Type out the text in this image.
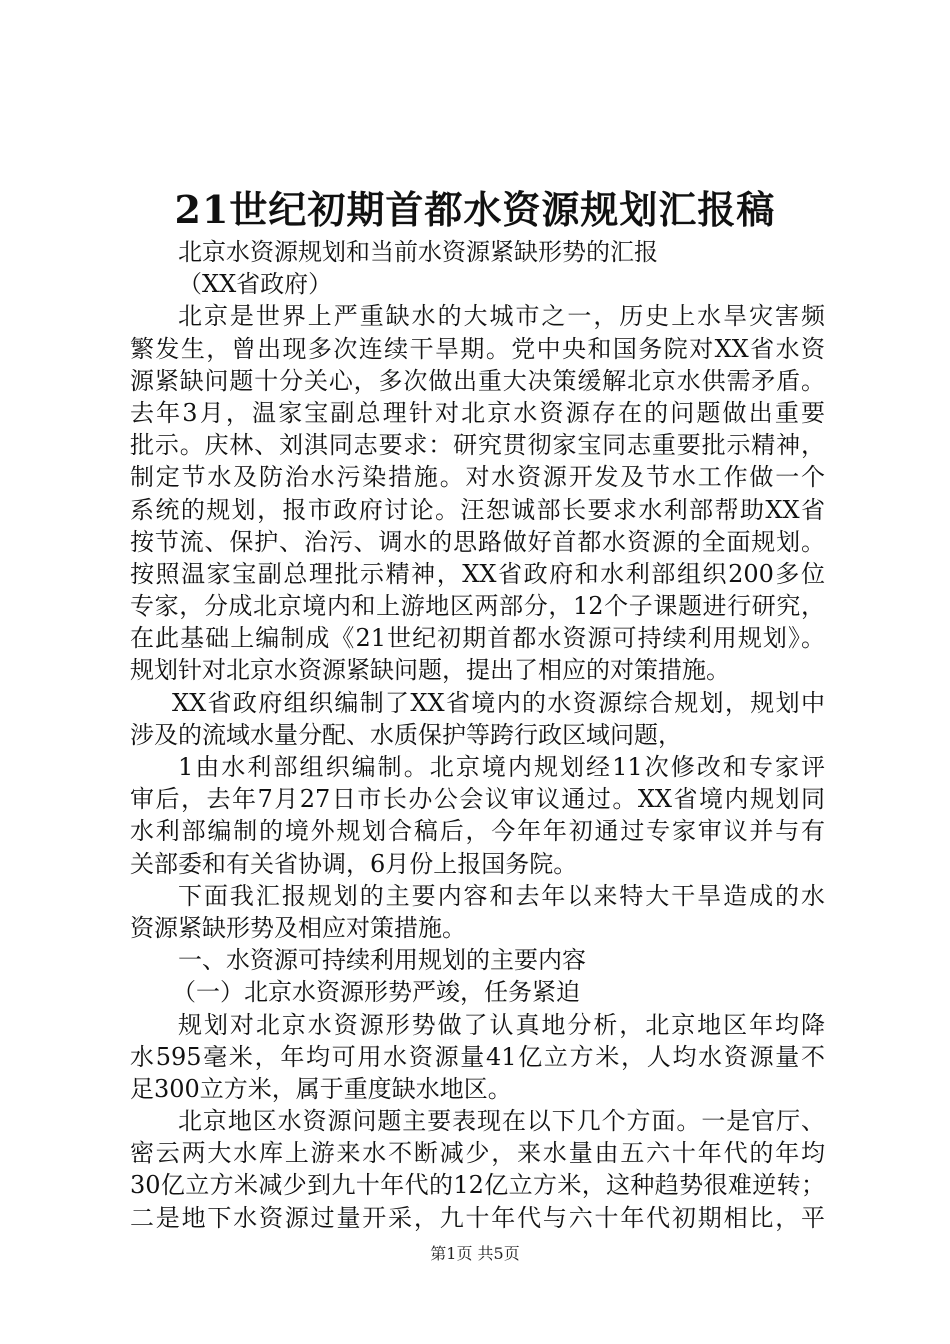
21世纪初期首都水资源规划汇报稿
北京水资源规划和当前水资源紧缺形势的汇报
（XX省政府）
北京是世界上严重缺水的大城市之一，历史上水旱灾害频
繁发生，曾出现多次连续干旱期。党中央和国务院对XX省水资
源紧缺问题十分关心，多次做出重大决策缓解北京水供需矛盾。
去年3月，温家宝副总理针对北京水资源存在的问题做出重要
批示。庆林、刘淇同志要求：研究贯彻家宝同志重要批示精神，
制定节水及防治水污染措施。对水资源开发及节水工作做一个
系统的规划，报市政府讨论。汪恕诚部长要求水利部帮助XX省
按节流、保护、治污、调水的思路做好首都水资源的全面规划。
按照温家宝副总理批示精神，XX省政府和水利部组织200多位
专家，分成北京境内和上游地区两部分，12个子课题进行研究，
在此基础上编制成《21世纪初期首都水资源可持续利用规划》。
规划针对北京水资源紧缺问题，提出了相应的对策措施。
XX省政府组织编制了XX省境内的水资源综合规划，规划中
涉及的流域水量分配、水质保护等跨行政区域问题，
1由水利部组织编制。北京境内规划经11次修改和专家评
审后，去年7月27日市长办公会议审议通过。XX省境内规划同
水利部编制的境外规划合稿后，今年年初通过专家审议并与有
关部委和有关省协调，6月份上报国务院。
下面我汇报规划的主要内容和去年以来特大干旱造成的水
资源紧缺形势及相应对策措施。
一、水资源可持续利用规划的主要内容
（一）北京水资源形势严竣，任务紧迫
规划对北京水资源形势做了认真地分析，北京地区年均降
水595毫米，年均可用水资源量41亿立方米，人均水资源量不
足300立方米，属于重度缺水地区。
北京地区水资源问题主要表现在以下几个方面。一是官厅、
密云两大水库上游来水不断减少，来水量由五六十年代的年均
30亿立方米减少到九十年代的12亿立方米，这种趋势很难逆转；
二是地下水资源过量开采，九十年代与六十年代初期相比，平
第1页 共5页
